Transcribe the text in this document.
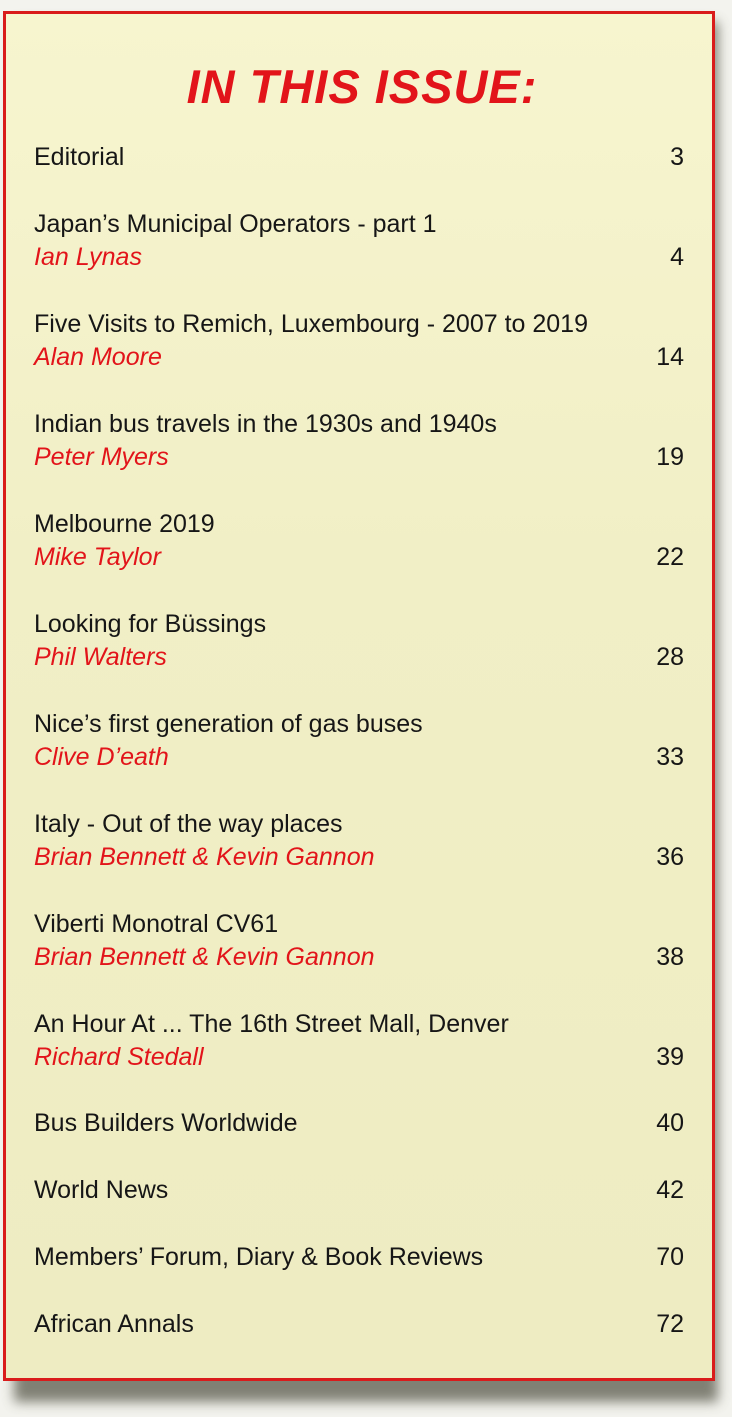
IN THIS ISSUE:
Editorial	3
Japan’s Municipal Operators - part 1
Ian Lynas	4
Five Visits to Remich, Luxembourg - 2007 to 2019
Alan Moore	14
Indian bus travels in the 1930s and 1940s
Peter Myers	19
Melbourne 2019
Mike Taylor	22
Looking for Büssings
Phil Walters	28
Nice’s first generation of gas buses
Clive D’eath	33
Italy - Out of the way places
Brian Bennett & Kevin Gannon	36
Viberti Monotral CV61
Brian Bennett & Kevin Gannon	38
An Hour At ... The 16th Street Mall, Denver
Richard Stedall	39
Bus Builders Worldwide	40
World News	42
Members’ Forum, Diary & Book Reviews	70
African Annals	72
